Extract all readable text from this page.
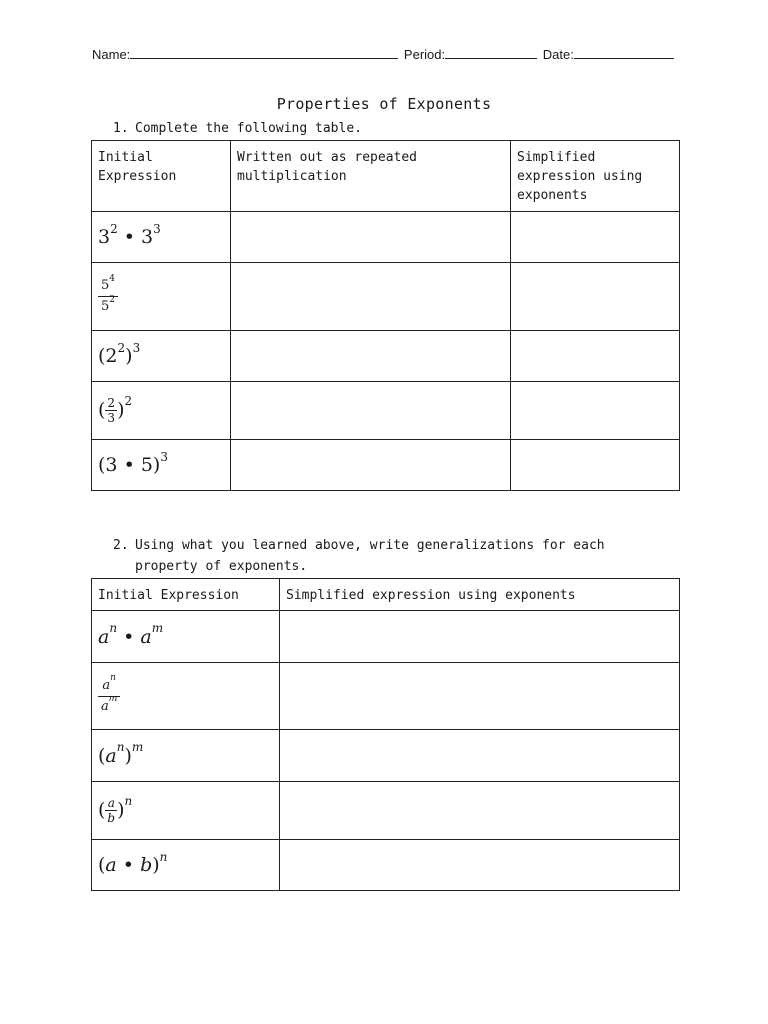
Name:	Period:	Date:
Properties of Exponents
1. Complete the following table.
Initial Expression	Written out as repeated multiplication	Simplified expression using exponents

$3^2$ • $3^3$		

$\frac{5^4}{5^2}$

$(2^2)^3$		
( $\frac{2}{3} )^2$		
(3 • 5)$^3$		
2. Using what you learned above, write generalizations for each
property of exponents.
Initial Expression	Simplified expression using exponents
$a^n$ • $a^m$	

$\frac{a^n}{a^m}$

$(a^n)^m$	
( $\frac{a}{b} )^n$	
(a • b)$^n$	
